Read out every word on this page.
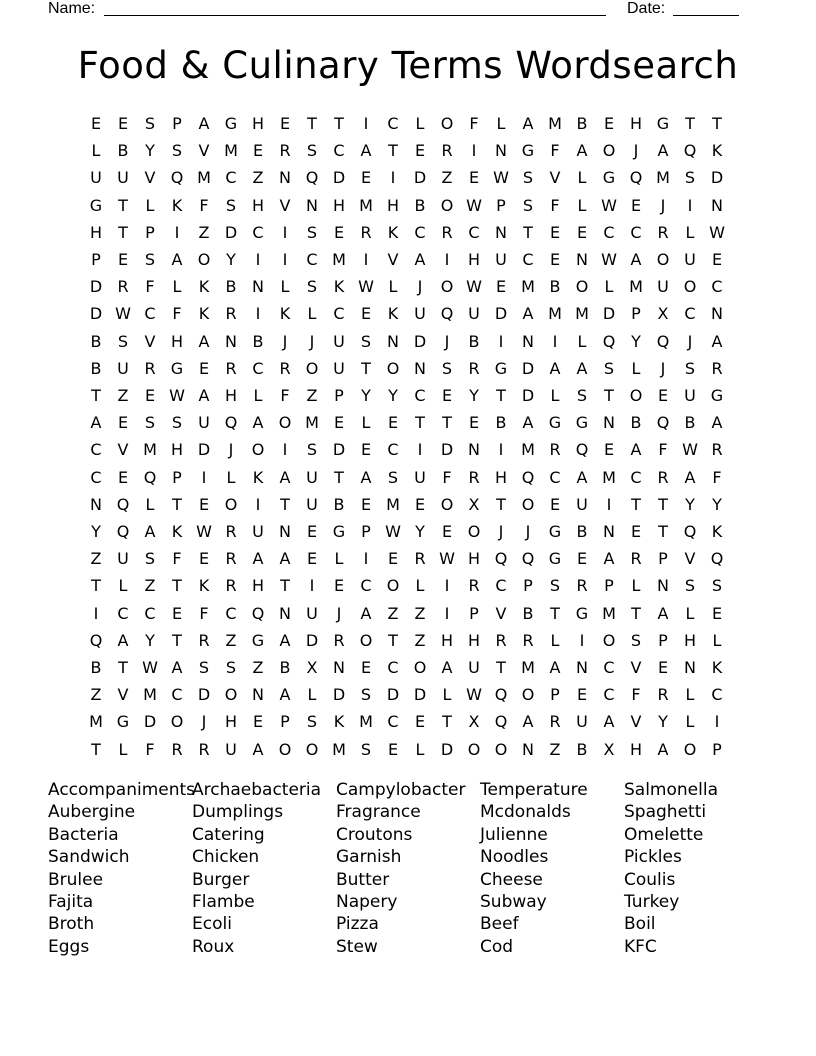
Name:	Date:
Food & Culinary Terms Wordsearch
E	E	S	P	A G H E	T	T	I	C	L	O	F	L	A M B	E H G T	T
L	B	Y	S	V M E	R	S	C A	T	E	R	I	N G	F	A O	J	A Q K
U U V Q M C Z N Q D E	I	D Z	E W S	V	L	G Q M S D
G T	L	K	F	S H V N H M H B O W P	S	F	L W E	J	I	N
H	T	P	I	Z D C	I	S	E	R	K	C R C N	T	E	E	C C R	L W
P	E	S	A O Y	I	I	C M	I	V	A	I	H U C	E N W A O U	E
D R	F	L	K	B N	L	S	K W L	J	O W E M B O	L M U O C
D W C	F	K	R	I	K	L	C	E	K U Q U D A M M D	P	X C N
B	S	V H A N B	J	J	U	S N D	J	B	I	N	I	L	Q Y Q	J	A
B U R G E	R C R O U	T O N S	R G D A	A	S	L	J	S	R
T	Z	E W A H	L	F	Z	P	Y	Y	C	E	Y	T D	L	S	T O E	U G
A	E	S	S	U Q A O M E	L	E	T	T	E	B	A G G N B Q B	A
C V M H D	J	O	I	S D E	C	I	D N	I	M R Q E	A	F W R
C	E Q P	I	L	K	A U	T	A	S	U	F	R H Q C A M C R A	F
N Q	L	T	E O	I	T	U B	E M E O X	T O E	U	I	T	T	Y	Y
Y Q A	K W R U N E G P W Y	E O	J	J	G B N E	T Q K
Z U	S	F	E	R A	A	E	L	I	E	R W H Q Q G E	A R	P	V Q
T	L	Z	T	K	R H	T	I	E	C O	L	I	R C	P	S	R	P	L	N S	S
I	C C	E	F	C Q N U	J	A	Z	Z	I	P	V	B	T G M T	A	L	E
Q A	Y	T	R Z G A D R O T	Z H H R R	L	I	O S	P	H	L
B	T W A	S	S	Z	B	X N E	C O A U	T M A N C V	E N K
Z	V M C D O N A	L	D S D D	L W Q O P	E	C	F	R	L	C
M G D O	J	H E	P	S	K M C	E	T	X Q A R U A	V	Y	L	I
T	L	F	R R U A O O M S	E	L	D O O N Z	B	X H A O P
Accompaniments
Aubergine
Bacteria
Sandwich
Brulee
Fajita
Broth
Eggs
Archaebacteria
Dumplings
Catering
Chicken
Burger
Flambe
Ecoli
Roux
Campylobacter
Fragrance
Croutons
Garnish
Butter
Napery
Pizza
Stew
Temperature
Mcdonalds
Julienne
Noodles
Cheese
Subway
Beef
Cod
Salmonella
Spaghetti
Omelette
Pickles
Coulis
Turkey
Boil
KFC
